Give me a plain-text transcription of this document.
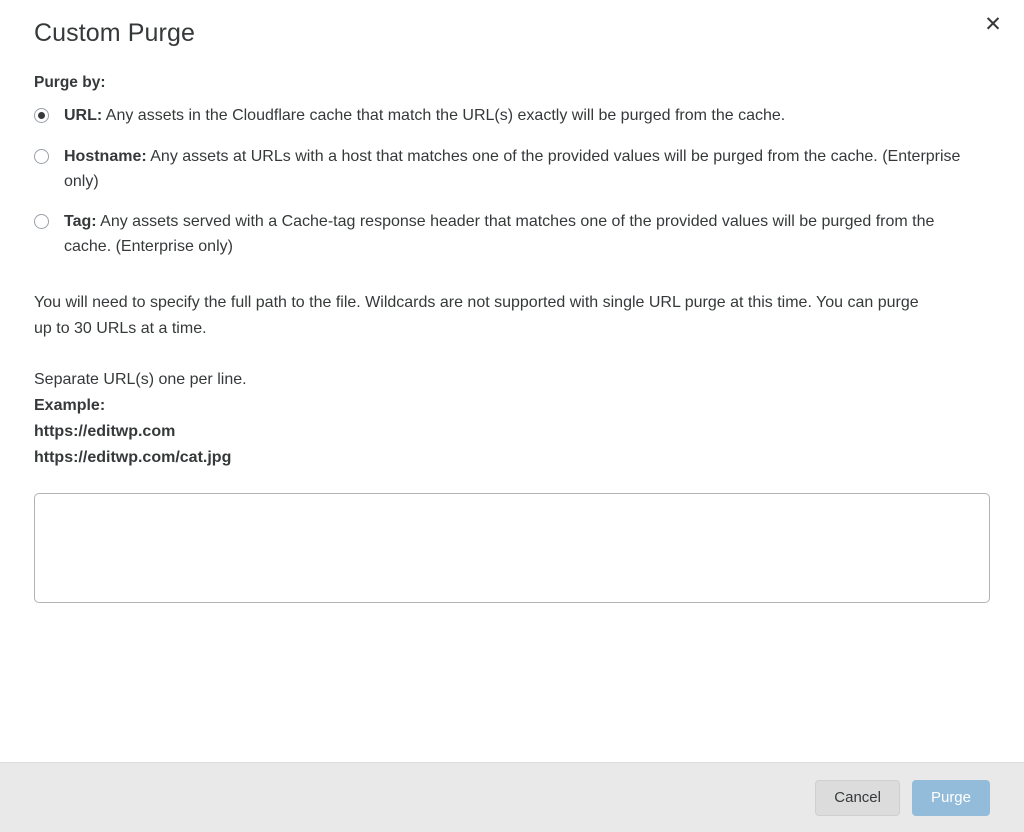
✕
Custom Purge
Purge by:
URL: Any assets in the Cloudflare cache that match the URL(s) exactly will be purged from the cache.
Hostname: Any assets at URLs with a host that matches one of the provided values will be purged from the cache. (Enterprise only)
Tag: Any assets served with a Cache-tag response header that matches one of the provided values will be purged from the cache. (Enterprise only)

You will need to specify the full path to the file. Wildcards are not supported with single URL purge at this time. You can purge up to 30 URLs at a time.

Separate URL(s) one per line.
Example:
https://editwp.com
https://editwp.com/cat.jpg
Cancel	Purge
